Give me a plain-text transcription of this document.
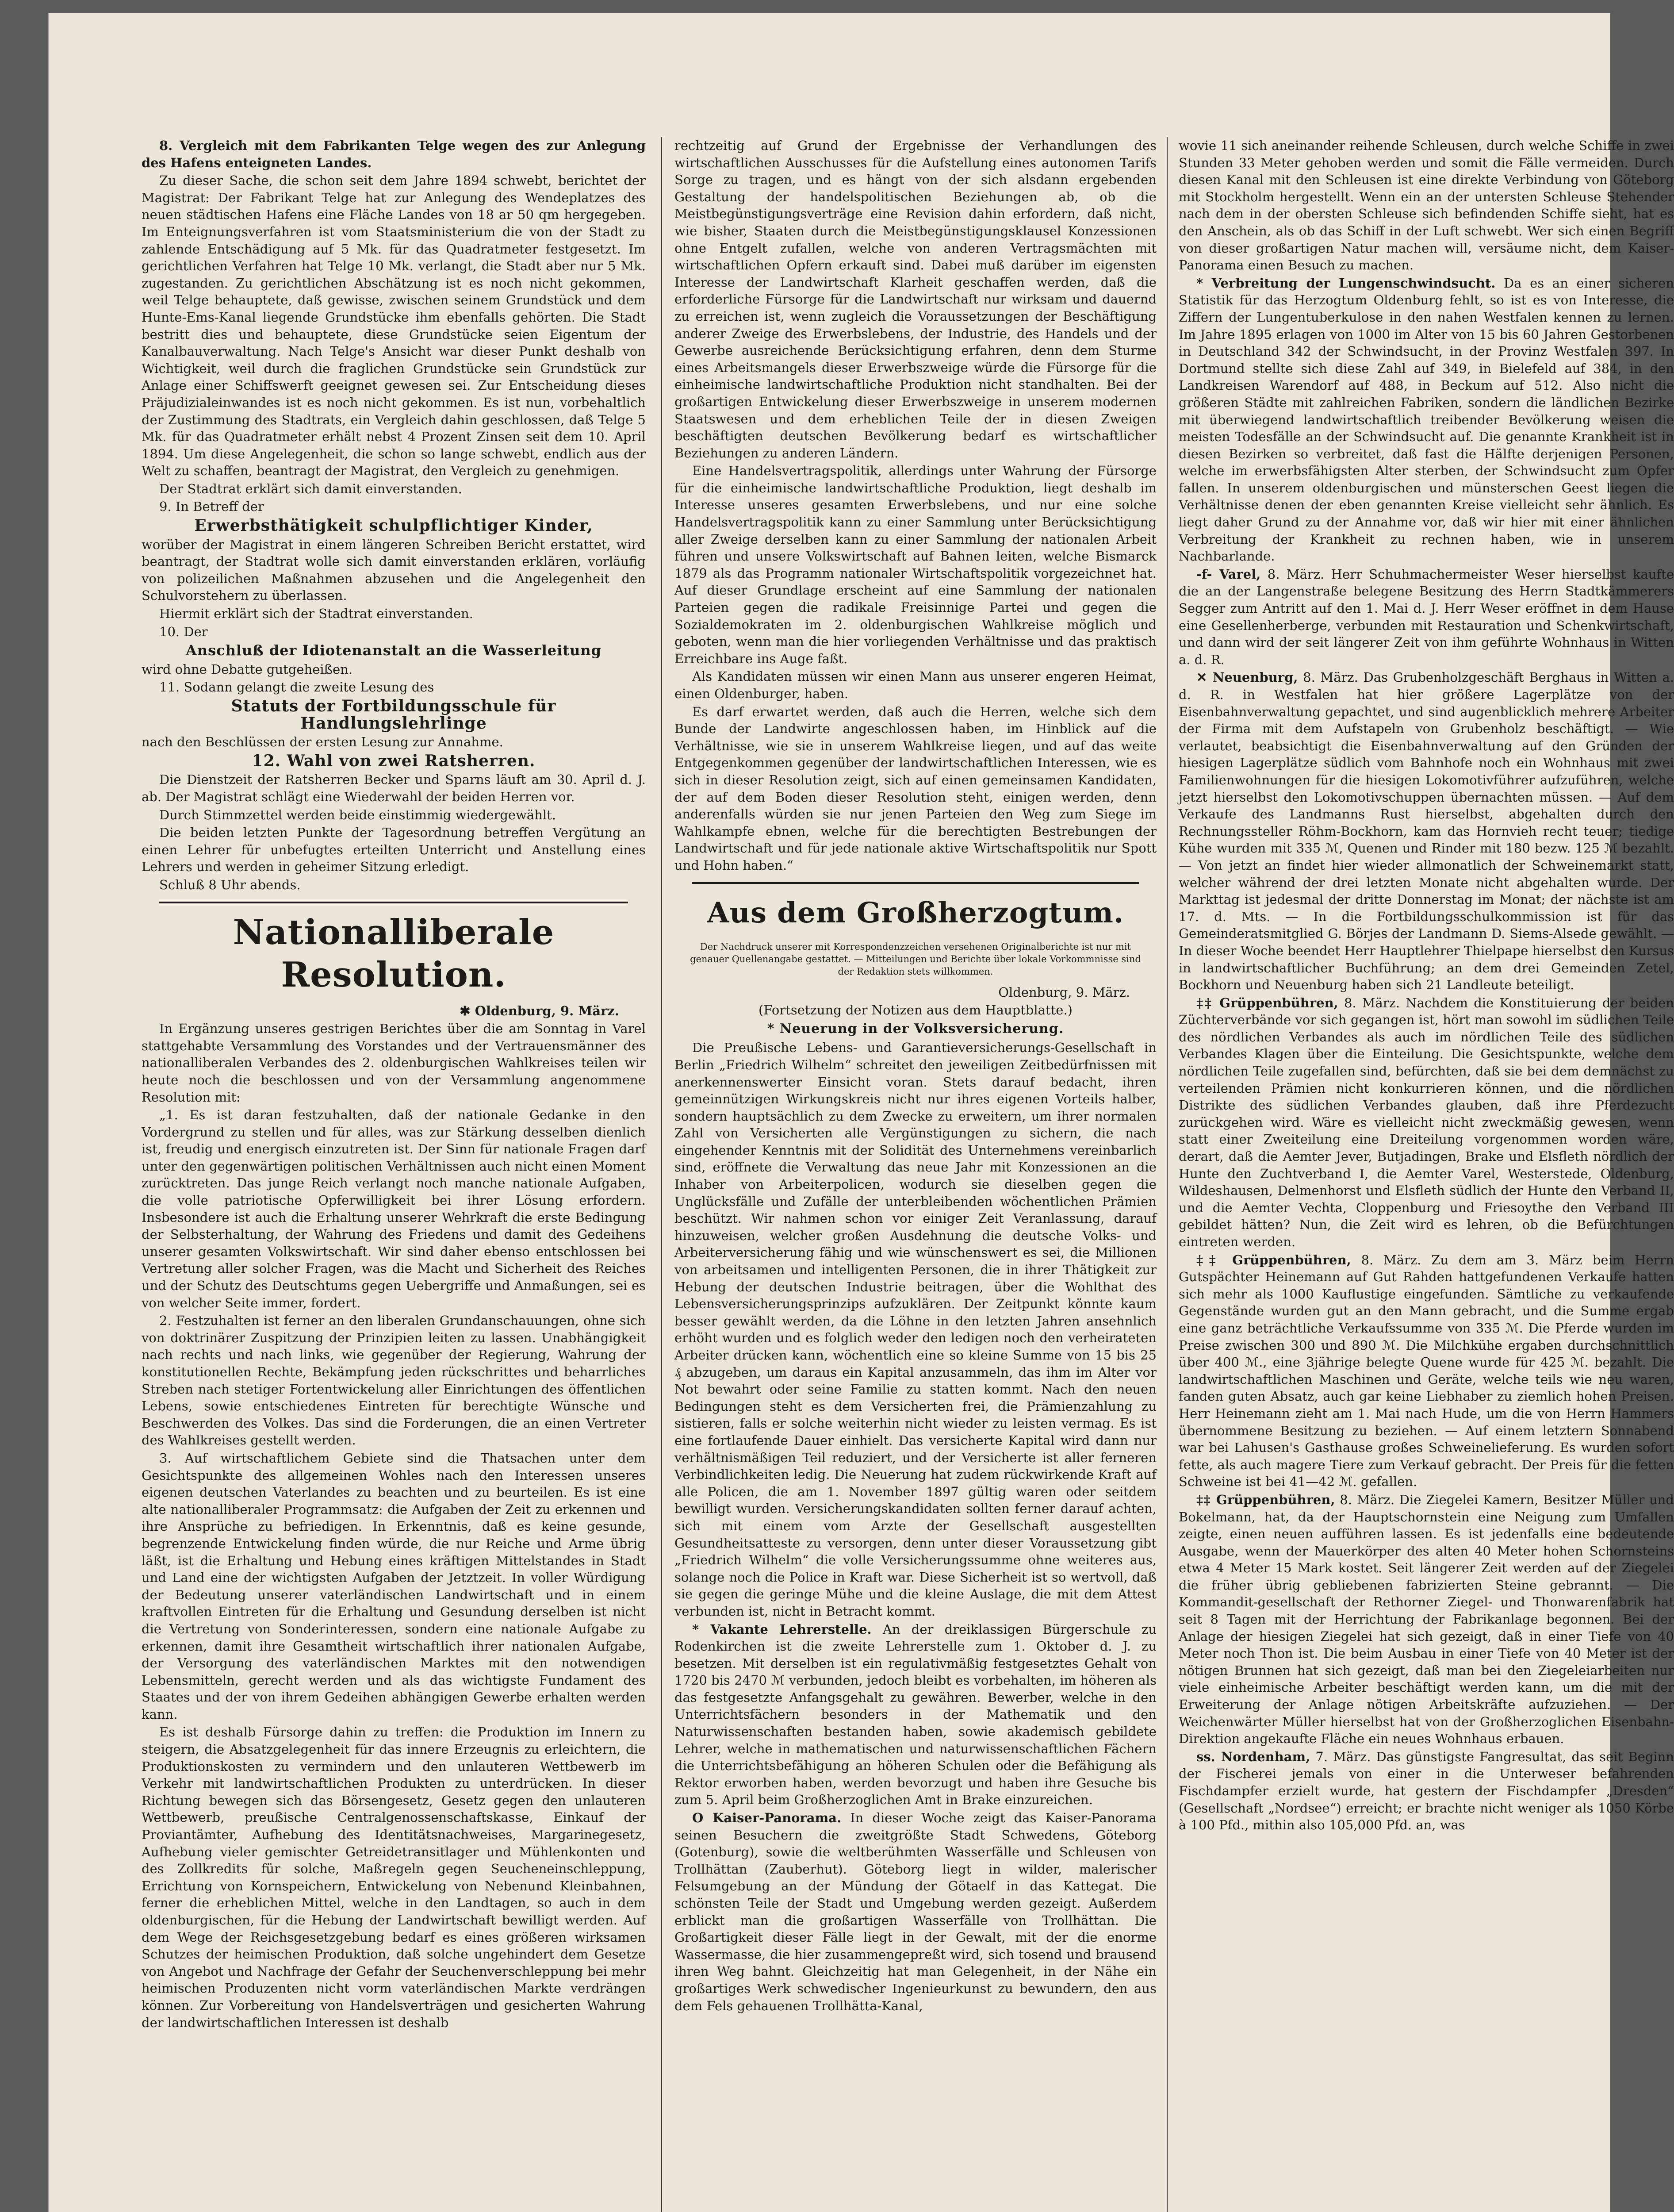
8. Vergleich mit dem Fabrikanten Telge wegen des zur Anlegung des Hafens enteigneten Landes.

Zu dieser Sache, die schon seit dem Jahre 1894 schwebt, berichtet der Magistrat: Der Fabrikant Telge hat zur Anlegung des Wendeplatzes des neuen städtischen Hafens eine Fläche Landes von 18 ar 50 qm hergegeben. Im Enteignungsverfahren ist vom Staatsministerium die von der Stadt zu zahlende Entschädigung auf 5 Mk. für das Quadratmeter festgesetzt. Im gerichtlichen Verfahren hat Telge 10 Mk. verlangt, die Stadt aber nur 5 Mk. zugestanden. Zu gerichtlichen Abschätzung ist es noch nicht gekommen, weil Telge behauptete, daß gewisse, zwischen seinem Grundstück und dem Hunte-Ems-Kanal liegende Grundstücke ihm ebenfalls gehörten. Die Stadt bestritt dies und behauptete, diese Grundstücke seien Eigentum der Kanalbauverwaltung. Nach Telge's Ansicht war dieser Punkt deshalb von Wichtigkeit, weil durch die fraglichen Grundstücke sein Grundstück zur Anlage einer Schiffswerft geeignet gewesen sei. Zur Entscheidung dieses Präjudizialeinwandes ist es noch nicht gekommen. Es ist nun, vorbehaltlich der Zustimmung des Stadtrats, ein Vergleich dahin geschlossen, daß Telge 5 Mk. für das Quadratmeter erhält nebst 4 Prozent Zinsen seit dem 10. April 1894. Um diese Angelegenheit, die schon so lange schwebt, endlich aus der Welt zu schaffen, beantragt der Magistrat, den Vergleich zu genehmigen.

Der Stadtrat erklärt sich damit einverstanden.

9. In Betreff der

Erwerbsthätigkeit schulpflichtiger Kinder,

worüber der Magistrat in einem längeren Schreiben Bericht erstattet, wird beantragt, der Stadtrat wolle sich damit einverstanden erklären, vorläufig von polizeilichen Maßnahmen abzusehen und die Angelegenheit den Schulvorstehern zu überlassen.

Hiermit erklärt sich der Stadtrat einverstanden.

10. Der

Anschluß der Idiotenanstalt an die Wasserleitung

wird ohne Debatte gutgeheißen.

11. Sodann gelangt die zweite Lesung des

Statuts der Fortbildungsschule für Handlungslehrlinge

nach den Beschlüssen der ersten Lesung zur Annahme.

12. Wahl von zwei Ratsherren.

Die Dienstzeit der Ratsherren Becker und Sparns läuft am 30. April d. J. ab. Der Magistrat schlägt eine Wiederwahl der beiden Herren vor.

Durch Stimmzettel werden beide einstimmig wiedergewählt.

Die beiden letzten Punkte der Tagesordnung betreffen Vergütung an einen Lehrer für unbefugtes erteilten Unterricht und Anstellung eines Lehrers und werden in geheimer Sitzung erledigt.

Schluß 8 Uhr abends.

Nationalliberale Resolution.

✱ Oldenburg, 9. März.

In Ergänzung unseres gestrigen Berichtes über die am Sonntag in Varel stattgehabte Versammlung des Vorstandes und der Vertrauensmänner des nationalliberalen Verbandes des 2. oldenburgischen Wahlkreises teilen wir heute noch die beschlossen und von der Versammlung angenommene Resolution mit:

„1. Es ist daran festzuhalten, daß der nationale Gedanke in den Vordergrund zu stellen und für alles, was zur Stärkung desselben dienlich ist, freudig und energisch einzutreten ist. Der Sinn für nationale Fragen darf unter den gegenwärtigen politischen Verhältnissen auch nicht einen Moment zurücktreten. Das junge Reich verlangt noch manche nationale Aufgaben, die volle patriotische Opferwilligkeit bei ihrer Lösung erfordern. Insbesondere ist auch die Erhaltung unserer Wehrkraft die erste Bedingung der Selbsterhaltung, der Wahrung des Friedens und damit des Gedeihens unserer gesamten Volkswirtschaft. Wir sind daher ebenso entschlossen bei Vertretung aller solcher Fragen, was die Macht und Sicherheit des Reiches und der Schutz des Deutschtums gegen Uebergriffe und Anmaßungen, sei es von welcher Seite immer, fordert.

2. Festzuhalten ist ferner an den liberalen Grundanschauungen, ohne sich von doktrinärer Zuspitzung der Prinzipien leiten zu lassen. Unabhängigkeit nach rechts und nach links, wie gegenüber der Regierung, Wahrung der konstitutionellen Rechte, Bekämpfung jeden rückschrittes und beharrliches Streben nach stetiger Fortentwickelung aller Einrichtungen des öffentlichen Lebens, sowie entschiedenes Eintreten für berechtigte Wünsche und Beschwerden des Volkes. Das sind die Forderungen, die an einen Vertreter des Wahlkreises gestellt werden.

3. Auf wirtschaftlichem Gebiete sind die Thatsachen unter dem Gesichtspunkte des allgemeinen Wohles nach den Interessen unseres eigenen deutschen Vaterlandes zu beachten und zu beurteilen. Es ist eine alte nationalliberaler Programmsatz: die Aufgaben der Zeit zu erkennen und ihre Ansprüche zu befriedigen. In Erkenntnis, daß es keine gesunde, begrenzende Entwickelung finden würde, die nur Reiche und Arme übrig läßt, ist die Erhaltung und Hebung eines kräftigen Mittelstandes in Stadt und Land eine der wichtigsten Aufgaben der Jetztzeit. In voller Würdigung der Bedeutung unserer vaterländischen Landwirtschaft und in einem kraftvollen Eintreten für die Erhaltung und Gesundung derselben ist nicht die Vertretung von Sonderinteressen, sondern eine nationale Aufgabe zu erkennen, damit ihre Gesamtheit wirtschaftlich ihrer nationalen Aufgabe, der Versorgung des vaterländischen Marktes mit den notwendigen Lebensmitteln, gerecht werden und als das wichtigste Fundament des Staates und der von ihrem Gedeihen abhängigen Gewerbe erhalten werden kann.

Es ist deshalb Fürsorge dahin zu treffen: die Produktion im Innern zu steigern, die Absatzgelegenheit für das innere Erzeugnis zu erleichtern, die Produktionskosten zu vermindern und den unlauteren Wettbewerb im Verkehr mit landwirtschaftlichen Produkten zu unterdrücken. In dieser Richtung bewegen sich das Börsengesetz, Gesetz gegen den unlauteren Wettbewerb, preußische Centralgenossenschaftskasse, Einkauf der Proviantämter, Aufhebung des Identitätsnachweises, Margarinegesetz, Aufhebung vieler gemischter Getreidetransitlager und Mühlenkonten und des Zollkredits für solche, Maßregeln gegen Seucheneinschleppung, Errichtung von Kornspeichern, Entwickelung von Nebenund Kleinbahnen, ferner die erheblichen Mittel, welche in den Landtagen, so auch in dem oldenburgischen, für die Hebung der Landwirtschaft bewilligt werden. Auf dem Wege der Reichsgesetzgebung bedarf es eines größeren wirksamen Schutzes der heimischen Produktion, daß solche ungehindert dem Gesetze von Angebot und Nachfrage der Gefahr der Seuchenverschleppung bei mehr heimischen Produzenten nicht vorm vaterländischen Markte verdrängen können. Zur Vorbereitung von Handelsverträgen und gesicherten Wahrung der landwirtschaftlichen Interessen ist deshalb

rechtzeitig auf Grund der Ergebnisse der Verhandlungen des wirtschaftlichen Ausschusses für die Aufstellung eines autonomen Tarifs Sorge zu tragen, und es hängt von der sich alsdann ergebenden Gestaltung der handelspolitischen Beziehungen ab, ob die Meistbegünstigungsverträge eine Revision dahin erfordern, daß nicht, wie bisher, Staaten durch die Meistbegünstigungsklausel Konzessionen ohne Entgelt zufallen, welche von anderen Vertragsmächten mit wirtschaftlichen Opfern erkauft sind. Dabei muß darüber im eigensten Interesse der Landwirtschaft Klarheit geschaffen werden, daß die erforderliche Fürsorge für die Landwirtschaft nur wirksam und dauernd zu erreichen ist, wenn zugleich die Voraussetzungen der Beschäftigung anderer Zweige des Erwerbslebens, der Industrie, des Handels und der Gewerbe ausreichende Berücksichtigung erfahren, denn dem Sturme eines Arbeitsmangels dieser Erwerbszweige würde die Fürsorge für die einheimische landwirtschaftliche Produktion nicht standhalten. Bei der großartigen Entwickelung dieser Erwerbszweige in unserem modernen Staatswesen und dem erheblichen Teile der in diesen Zweigen beschäftigten deutschen Bevölkerung bedarf es wirtschaftlicher Beziehungen zu anderen Ländern.

Eine Handelsvertragspolitik, allerdings unter Wahrung der Fürsorge für die einheimische landwirtschaftliche Produktion, liegt deshalb im Interesse unseres gesamten Erwerbslebens, und nur eine solche Handelsvertragspolitik kann zu einer Sammlung unter Berücksichtigung aller Zweige derselben kann zu einer Sammlung der nationalen Arbeit führen und unsere Volkswirtschaft auf Bahnen leiten, welche Bismarck 1879 als das Programm nationaler Wirtschaftspolitik vorgezeichnet hat. Auf dieser Grundlage erscheint auf eine Sammlung der nationalen Parteien gegen die radikale Freisinnige Partei und gegen die Sozialdemokraten im 2. oldenburgischen Wahlkreise möglich und geboten, wenn man die hier vorliegenden Verhältnisse und das praktisch Erreichbare ins Auge faßt.

Als Kandidaten müssen wir einen Mann aus unserer engeren Heimat, einen Oldenburger, haben.

Es darf erwartet werden, daß auch die Herren, welche sich dem Bunde der Landwirte angeschlossen haben, im Hinblick auf die Verhältnisse, wie sie in unserem Wahlkreise liegen, und auf das weite Entgegenkommen gegenüber der landwirtschaftlichen Interessen, wie es sich in dieser Resolution zeigt, sich auf einen gemeinsamen Kandidaten, der auf dem Boden dieser Resolution steht, einigen werden, denn anderenfalls würden sie nur jenen Parteien den Weg zum Siege im Wahlkampfe ebnen, welche für die berechtigten Bestrebungen der Landwirtschaft und für jede nationale aktive Wirtschaftspolitik nur Spott und Hohn haben.“

Aus dem Großherzogtum.

Der Nachdruck unserer mit Korrespondenzzeichen versehenen Originalberichte ist nur mit genauer Quellenangabe gestattet. — Mitteilungen und Berichte über lokale Vorkommnisse sind der Redaktion stets willkommen.

Oldenburg, 9. März.

(Fortsetzung der Notizen aus dem Hauptblatte.)

* Neuerung in der Volksversicherung.

Die Preußische Lebens- und Garantieversicherungs-Gesellschaft in Berlin „Friedrich Wilhelm“ schreitet den jeweiligen Zeitbedürfnissen mit anerkennenswerter Einsicht voran. Stets darauf bedacht, ihren gemeinnützigen Wirkungskreis nicht nur ihres eigenen Vorteils halber, sondern hauptsächlich zu dem Zwecke zu erweitern, um ihrer normalen Zahl von Versicherten alle Vergünstigungen zu sichern, die nach eingehender Kenntnis mit der Solidität des Unternehmens vereinbarlich sind, eröffnete die Verwaltung das neue Jahr mit Konzessionen an die Inhaber von Arbeiterpolicen, wodurch sie dieselben gegen die Unglücksfälle und Zufälle der unterbleibenden wöchentlichen Prämien beschützt. Wir nahmen schon vor einiger Zeit Veranlassung, darauf hinzuweisen, welcher großen Ausdehnung die deutsche Volks- und Arbeiterversicherung fähig und wie wünschenswert es sei, die Millionen von arbeitsamen und intelligenten Personen, die in ihrer Thätigkeit zur Hebung der deutschen Industrie beitragen, über die Wohlthat des Lebensversicherungsprinzips aufzuklären. Der Zeitpunkt könnte kaum besser gewählt werden, da die Löhne in den letzten Jahren ansehnlich erhöht wurden und es folglich weder den ledigen noch den verheirateten Arbeiter drücken kann, wöchentlich eine so kleine Summe von 15 bis 25 ₰ abzugeben, um daraus ein Kapital anzusammeln, das ihm im Alter vor Not bewahrt oder seine Familie zu statten kommt. Nach den neuen Bedingungen steht es dem Versicherten frei, die Prämienzahlung zu sistieren, falls er solche weiterhin nicht wieder zu leisten vermag. Es ist eine fortlaufende Dauer einhielt. Das versicherte Kapital wird dann nur verhältnismäßigen Teil reduziert, und der Versicherte ist aller ferneren Verbindlichkeiten ledig. Die Neuerung hat zudem rückwirkende Kraft auf alle Policen, die am 1. November 1897 gültig waren oder seitdem bewilligt wurden. Versicherungskandidaten sollten ferner darauf achten, sich mit einem vom Arzte der Gesellschaft ausgestellten Gesundheitsatteste zu versorgen, denn unter dieser Voraussetzung gibt „Friedrich Wilhelm“ die volle Versicherungssumme ohne weiteres aus, solange noch die Police in Kraft war. Diese Sicherheit ist so wertvoll, daß sie gegen die geringe Mühe und die kleine Auslage, die mit dem Attest verbunden ist, nicht in Betracht kommt.

* Vakante Lehrerstelle. An der dreiklassigen Bürgerschule zu Rodenkirchen ist die zweite Lehrerstelle zum 1. Oktober d. J. zu besetzen. Mit derselben ist ein regulativmäßig festgesetztes Gehalt von 1720 bis 2470 ℳ verbunden, jedoch bleibt es vorbehalten, im höheren als das festgesetzte Anfangsgehalt zu gewähren. Bewerber, welche in den Unterrichtsfächern besonders in der Mathematik und den Naturwissenschaften bestanden haben, sowie akademisch gebildete Lehrer, welche in mathematischen und naturwissenschaftlichen Fächern die Unterrichtsbefähigung an höheren Schulen oder die Befähigung als Rektor erworben haben, werden bevorzugt und haben ihre Gesuche bis zum 5. April beim Großherzoglichen Amt in Brake einzureichen.

O Kaiser-Panorama. In dieser Woche zeigt das Kaiser-Panorama seinen Besuchern die zweitgrößte Stadt Schwedens, Göteborg (Gotenburg), sowie die weltberühmten Wasserfälle und Schleusen von Trollhättan (Zauberhut). Göteborg liegt in wilder, malerischer Felsumgebung an der Mündung der Götaelf in das Kattegat. Die schönsten Teile der Stadt und Umgebung werden gezeigt. Außerdem erblickt man die großartigen Wasserfälle von Trollhättan. Die Großartigkeit dieser Fälle liegt in der Gewalt, mit der die enorme Wassermasse, die hier zusammengepreßt wird, sich tosend und brausend ihren Weg bahnt. Gleichzeitig hat man Gelegenheit, in der Nähe ein großartiges Werk schwedischer Ingenieurkunst zu bewundern, den aus dem Fels gehauenen Trollhätta-Kanal,

wovie 11 sich aneinander reihende Schleusen, durch welche Schiffe in zwei Stunden 33 Meter gehoben werden und somit die Fälle vermeiden. Durch diesen Kanal mit den Schleusen ist eine direkte Verbindung von Göteborg mit Stockholm hergestellt. Wenn ein an der untersten Schleuse Stehender nach dem in der obersten Schleuse sich befindenden Schiffe sieht, hat es den Anschein, als ob das Schiff in der Luft schwebt. Wer sich einen Begriff von dieser großartigen Natur machen will, versäume nicht, dem Kaiser-Panorama einen Besuch zu machen.

* Verbreitung der Lungenschwindsucht. Da es an einer sicheren Statistik für das Herzogtum Oldenburg fehlt, so ist es von Interesse, die Ziffern der Lungentuberkulose in den nahen Westfalen kennen zu lernen. Im Jahre 1895 erlagen von 1000 im Alter von 15 bis 60 Jahren Gestorbenen in Deutschland 342 der Schwindsucht, in der Provinz Westfalen 397. In Dortmund stellte sich diese Zahl auf 349, in Bielefeld auf 384, in den Landkreisen Warendorf auf 488, in Beckum auf 512. Also nicht die größeren Städte mit zahlreichen Fabriken, sondern die ländlichen Bezirke mit überwiegend landwirtschaftlich treibender Bevölkerung weisen die meisten Todesfälle an der Schwindsucht auf. Die genannte Krankheit ist in diesen Bezirken so verbreitet, daß fast die Hälfte derjenigen Personen, welche im erwerbsfähigsten Alter sterben, der Schwindsucht zum Opfer fallen. In unserem oldenburgischen und münsterschen Geest liegen die Verhältnisse denen der eben genannten Kreise vielleicht sehr ähnlich. Es liegt daher Grund zu der Annahme vor, daß wir hier mit einer ähnlichen Verbreitung der Krankheit zu rechnen haben, wie in unserem Nachbarlande.

-f- Varel, 8. März. Herr Schuhmachermeister Weser hierselbst kaufte die an der Langenstraße belegene Besitzung des Herrn Stadtkämmerers Segger zum Antritt auf den 1. Mai d. J. Herr Weser eröffnet in dem Hause eine Gesellenherberge, verbunden mit Restauration und Schenkwirtschaft, und dann wird der seit längerer Zeit von ihm geführte Wohnhaus in Witten a. d. R.

✕ Neuenburg, 8. März. Das Grubenholzgeschäft Berghaus in Witten a. d. R. in Westfalen hat hier größere Lagerplätze von der Eisenbahnverwaltung gepachtet, und sind augenblicklich mehrere Arbeiter der Firma mit dem Aufstapeln von Grubenholz beschäftigt. — Wie verlautet, beabsichtigt die Eisenbahnverwaltung auf den Gründen der hiesigen Lagerplätze südlich vom Bahnhofe noch ein Wohnhaus mit zwei Familienwohnungen für die hiesigen Lokomotivführer aufzuführen, welche jetzt hierselbst den Lokomotivschuppen übernachten müssen. — Auf dem Verkaufe des Landmanns Rust hierselbst, abgehalten durch den Rechnungssteller Röhm-Bockhorn, kam das Hornvieh recht teuer; tiedige Kühe wurden mit 335 ℳ, Quenen und Rinder mit 180 bezw. 125 ℳ bezahlt. — Von jetzt an findet hier wieder allmonatlich der Schweinemarkt statt, welcher während der drei letzten Monate nicht abgehalten wurde. Der Markttag ist jedesmal der dritte Donnerstag im Monat; der nächste ist am 17. d. Mts. — In die Fortbildungsschulkommission ist für das Gemeinderatsmitglied G. Börjes der Landmann D. Siems-Alsede gewählt. — In dieser Woche beendet Herr Hauptlehrer Thielpape hierselbst den Kursus in landwirtschaftlicher Buchführung; an dem drei Gemeinden Zetel, Bockhorn und Neuenburg haben sich 21 Landleute beteiligt.

‡‡ Grüppenbühren, 8. März. Nachdem die Konstituierung der beiden Züchterverbände vor sich gegangen ist, hört man sowohl im südlichen Teile des nördlichen Verbandes als auch im nördlichen Teile des südlichen Verbandes Klagen über die Einteilung. Die Gesichtspunkte, welche dem nördlichen Teile zugefallen sind, befürchten, daß sie bei dem demnächst zu verteilenden Prämien nicht konkurrieren können, und die nördlichen Distrikte des südlichen Verbandes glauben, daß ihre Pferdezucht zurückgehen wird. Wäre es vielleicht nicht zweckmäßig gewesen, wenn statt einer Zweiteilung eine Dreiteilung vorgenommen worden wäre, derart, daß die Aemter Jever, Butjadingen, Brake und Elsfleth nördlich der Hunte den Zuchtverband I, die Aemter Varel, Westerstede, Oldenburg, Wildeshausen, Delmenhorst und Elsfleth südlich der Hunte den Verband II, und die Aemter Vechta, Cloppenburg und Friesoythe den Verband III gebildet hätten? Nun, die Zeit wird es lehren, ob die Befürchtungen eintreten werden.

‡‡ Grüppenbühren, 8. März. Zu dem am 3. März beim Herrn Gutspächter Heinemann auf Gut Rahden hattgefundenen Verkaufe hatten sich mehr als 1000 Kauflustige eingefunden. Sämtliche zu verkaufende Gegenstände wurden gut an den Mann gebracht, und die Summe ergab eine ganz beträchtliche Verkaufssumme von 335 ℳ. Die Pferde wurden im Preise zwischen 300 und 890 ℳ. Die Milchkühe ergaben durchschnittlich über 400 ℳ., eine 3jährige belegte Quene wurde für 425 ℳ. bezahlt. Die landwirtschaftlichen Maschinen und Geräte, welche teils wie neu waren, fanden guten Absatz, auch gar keine Liebhaber zu ziemlich hohen Preisen. Herr Heinemann zieht am 1. Mai nach Hude, um die von Herrn Hammers übernommene Besitzung zu beziehen. — Auf einem letztern Sonnabend war bei Lahusen's Gasthause großes Schweinelieferung. Es wurden sofort fette, als auch magere Tiere zum Verkauf gebracht. Der Preis für die fetten Schweine ist bei 41—42 ℳ. gefallen.

‡‡ Grüppenbühren, 8. März. Die Ziegelei Kamern, Besitzer Müller und Bokelmann, hat, da der Hauptschornstein eine Neigung zum Umfallen zeigte, einen neuen aufführen lassen. Es ist jedenfalls eine bedeutende Ausgabe, wenn der Mauerkörper des alten 40 Meter hohen Schornsteins etwa 4 Meter 15 Mark kostet. Seit längerer Zeit werden auf der Ziegelei die früher übrig gebliebenen fabrizierten Steine gebrannt. — Die Kommandit-gesellschaft der Rethorner Ziegel- und Thonwarenfabrik hat seit 8 Tagen mit der Herrichtung der Fabrikanlage begonnen. Bei der Anlage der hiesigen Ziegelei hat sich gezeigt, daß in einer Tiefe von 40 Meter noch Thon ist. Die beim Ausbau in einer Tiefe von 40 Meter ist der nötigen Brunnen hat sich gezeigt, daß man bei den Ziegeleiarbeiten nur viele einheimische Arbeiter beschäftigt werden kann, um die mit der Erweiterung der Anlage nötigen Arbeitskräfte aufzuziehen. — Der Weichenwärter Müller hierselbst hat von der Großherzoglichen Eisenbahn-Direktion angekaufte Fläche ein neues Wohnhaus erbauen.

ss. Nordenham, 7. März. Das günstigste Fangresultat, das seit Beginn der Fischerei jemals von einer in die Unterweser befahrenden Fischdampfer erzielt wurde, hat gestern der Fischdampfer „Dresden“ (Gesellschaft „Nordsee“) erreicht; er brachte nicht weniger als 1050 Körbe à 100 Pfd., mithin also 105,000 Pfd. an, was
